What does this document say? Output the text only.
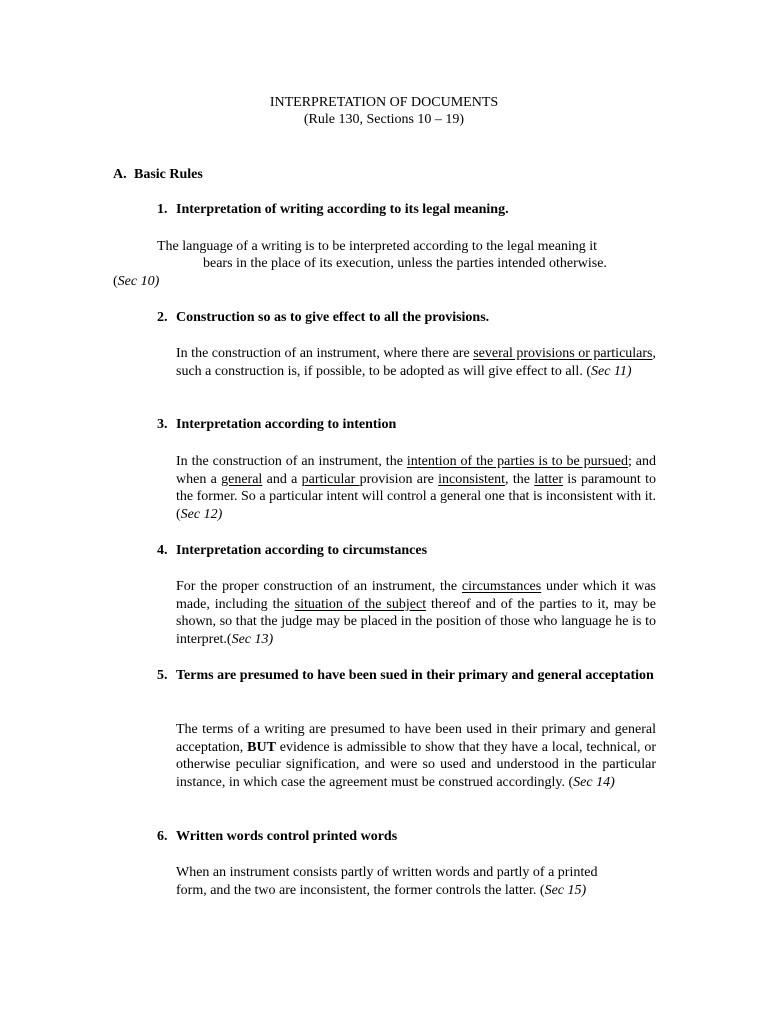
INTERPRETATION OF DOCUMENTS
(Rule 130, Sections 10 – 19)
A. Basic Rules
1. Interpretation of writing according to its legal meaning.
The language of a writing is to be interpreted according to the legal meaning it
bears in the place of its execution, unless the parties intended otherwise.
(Sec 10)
2. Construction so as to give effect to all the provisions.
In the construction of an instrument, where there are several provisions or particulars, such a construction is, if possible, to be adopted as will give effect to all. (Sec 11)
3. Interpretation according to intention
In the construction of an instrument, the intention of the parties is to be pursued; and when a general and a particular provision are inconsistent, the latter is paramount to the former. So a particular intent will control a general one that is inconsistent with it. (Sec 12)
4. Interpretation according to circumstances
For the proper construction of an instrument, the circumstances under which it was made, including the situation of the subject thereof and of the parties to it, may be shown, so that the judge may be placed in the position of those who language he is to interpret.(Sec 13)
5. Terms are presumed to have been sued in their primary and general acceptation
The terms of a writing are presumed to have been used in their primary and general acceptation, BUT evidence is admissible to show that they have a local, technical, or otherwise peculiar signification, and were so used and understood in the particular instance, in which case the agreement must be construed accordingly. (Sec 14)
6. Written words control printed words
When an instrument consists partly of written words and partly of a printed
form, and the two are inconsistent, the former controls the latter. (Sec 15)
